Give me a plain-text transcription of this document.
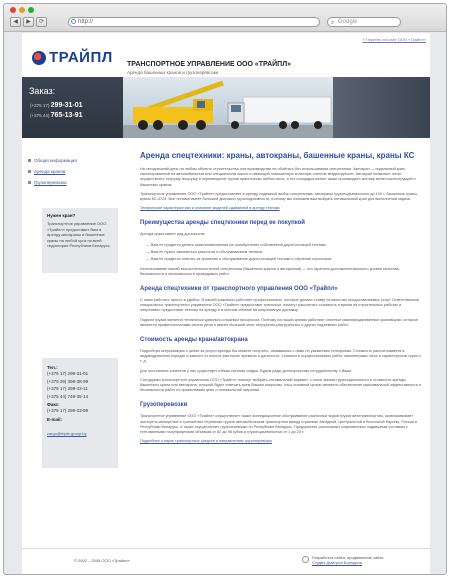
◀	▶	⟳	http://	⌕ Google
» Перейти на сайт ООО «Трайпл»
ТРАЙПЛ ТРАНСПОРТНОЕ УПРАВЛЕНИЕ ООО «ТРАЙПЛ»
Аренда башенных кранов и грузоперевозки
Заказ:
(+375 17) 299-31-01
(+375 44) 765-13-91
Общая информация
Аренда кранов
Грузоперевозки
Нужен кран?

Транспортное управление ООО «Трайпл» предоставит Вам в аренду автокраны и башенные краны на любой срок по всей территории Республики Беларусь.

Тел.:
(+375 17) 299-31-01
(+375 29) 399-38-99
(+375 17) 299-43-11
(+375 44) 749-35-14
Факс:
(+375 17) 299-33-99
E-mail:
cargo@triple-group.by
Аренда спецтехники: краны, автокраны, башенные краны, краны КС

На сегодняшний день на любом объекте строительства или производстве не обойтись без использования спецтехники. Автокран — подъемный кран, смонтированный на автомобильном или специальном шасси и имеющий повышенную колесную степень вездеходности. Автокран позволяет легко осуществлять погрузку, выгрузку и перемещение грузов практически любого веса, а его площадка менее также производить монтаж металлоконструкций и башенных кранов.

Транспортное управление ООО «Трайпл» предоставляет в аренду надежный выбор спецтехники: автокраны грузоподъемностью до 100 т, башенные краны, краны КС-4724. Все техника имеет большой диапазон грузоподъемности, поэтому мы поможем вам выбрать оптимальный кран для выполнения задачи.

Технические характеристики и описание моделей сдаваемой в аренду техники

Преимущества аренды спецтехники перед ее покупкой

Аренда крана имеет ряд достоинств:

— Вам не придется делать капиталовложения на приобретение собственной дорогостоящей техники;
— Вам не нужно заниматься ремонтом и обслуживанием техники;
— Вам не придется платить за хранение и обслуживание дорогостоящей техники и обучение персонала.

Использование нашей высокотехнологичной спецтехники (башенных кранов и автокранов) — это гарантия достижения высокого уровня качества, безопасности и экономичности проводимых работ.

Аренда спецтехники от транспортного управления ООО «Трайпл»

С нами работать просто и удобно. В нашей компании работают профессионалы, которые делают ставку на качество предоставляемых услуг. Ответственные специалисты транспортного управления ООО «Трайпл» предоставят транспорт, помогут рассчитать стоимость и время на строительных работах и оперативно предоставят технику на аренду и в полном объеме на оперативную доставку.

Подъем грузов является технически довольно сложным процессом. Поэтому на наших кранах работают опытные квалифицированные крановщики, которые являются профессионалами своего дела и имеют большой опыт погрузочно-разгрузочных и других подъемных работ.

Стоимость аренды крана/автокрана

Подробную информацию о ценах за услуги аренды Вы можете получить, связавшись с нами по указанным телефонам. Стоимость рассчитывается в индивидуальном порядке и зависит от многих факторов: времени и дальности, стоимости осуществляемых работ, километража, веса и характеристик груза и т. д.

Для постоянных клиентов у нас существует гибкая система скидок. Будем рады долгосрочному сотрудничеству с Вами.

Сотрудники транспортного управления ООО «Трайпл» помогут выбрать оптимальный вариант, с точки зрения грузоподъемности и стоимости аренды башенного крана или автокрана, который будет отвечать всем Вашим запросам. Наш основной целью является обеспечение максимальной эффективности и безопасности работ по приемлемым цене и оптимальной затратам.

Грузоперевозки

Транспортное управление ООО «Трайпл» осуществляет также экспедиционное обслуживание различных видов грузов автотранспортом, организовывает экспортно-импортные и транзитные перевозки грузов автомобильным транспортом между странами Западной, Центральной и Восточной Европы, России и Республики Беларусь, а также осуществляет грузоперевозки по Республике Беларусь. Предприятие располагает современным подвижным составом с тентованными полуприцепами объемом от 82 до 96 кубов и грузоподъемностью от 1 до 20 т.

Подробнее о парке транспортных средств и направлениях грузоперевозок

© 2002 – 2008 ООО «Трайпл»
Разработка сайта, продвижение сайта
Студия Дмитрия Бородина
